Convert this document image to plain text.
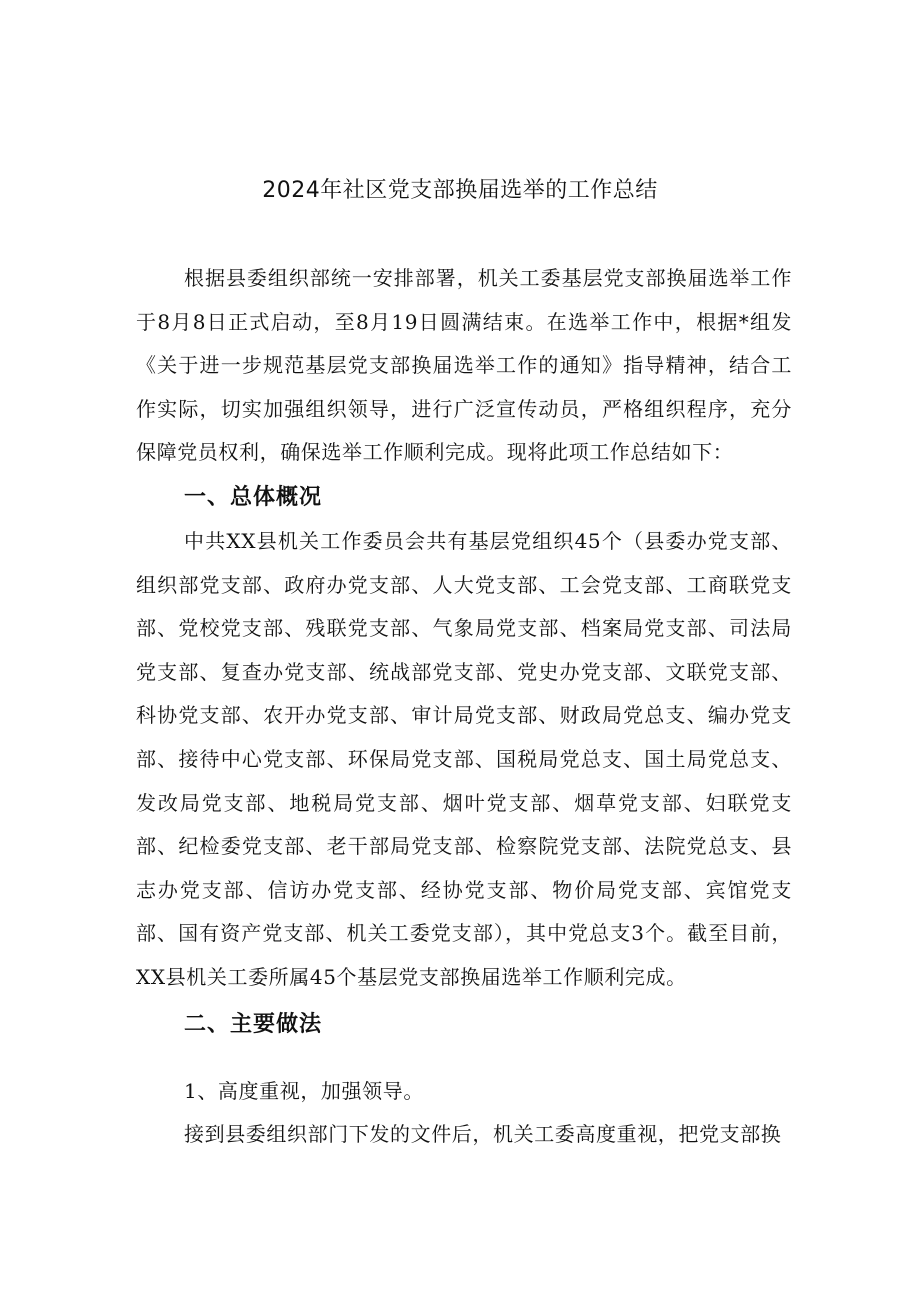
2024年社区党支部换届选举的工作总结

根据县委组织部统一安排部署，机关工委基层党支部换届选举工作于8月8日正式启动，至8月19日圆满结束。在选举工作中，根据*组发《关于进一步规范基层党支部换届选举工作的通知》指导精神，结合工作实际，切实加强组织领导，进行广泛宣传动员，严格组织程序，充分保障党员权利，确保选举工作顺利完成。现将此项工作总结如下：

一、总体概况

中共XX县机关工作委员会共有基层党组织45个（县委办党支部、组织部党支部、政府办党支部、人大党支部、工会党支部、工商联党支部、党校党支部、残联党支部、气象局党支部、档案局党支部、司法局党支部、复查办党支部、统战部党支部、党史办党支部、文联党支部、科协党支部、农开办党支部、审计局党支部、财政局党总支、编办党支部、接待中心党支部、环保局党支部、国税局党总支、国土局党总支、发改局党支部、地税局党支部、烟叶党支部、烟草党支部、妇联党支部、纪检委党支部、老干部局党支部、检察院党支部、法院党总支、县志办党支部、信访办党支部、经协党支部、物价局党支部、宾馆党支部、国有资产党支部、机关工委党支部），其中党总支3个。截至目前，XX县机关工委所属45个基层党支部换届选举工作顺利完成。

二、主要做法

1、高度重视，加强领导。

接到县委组织部门下发的文件后，机关工委高度重视，把党支部换
